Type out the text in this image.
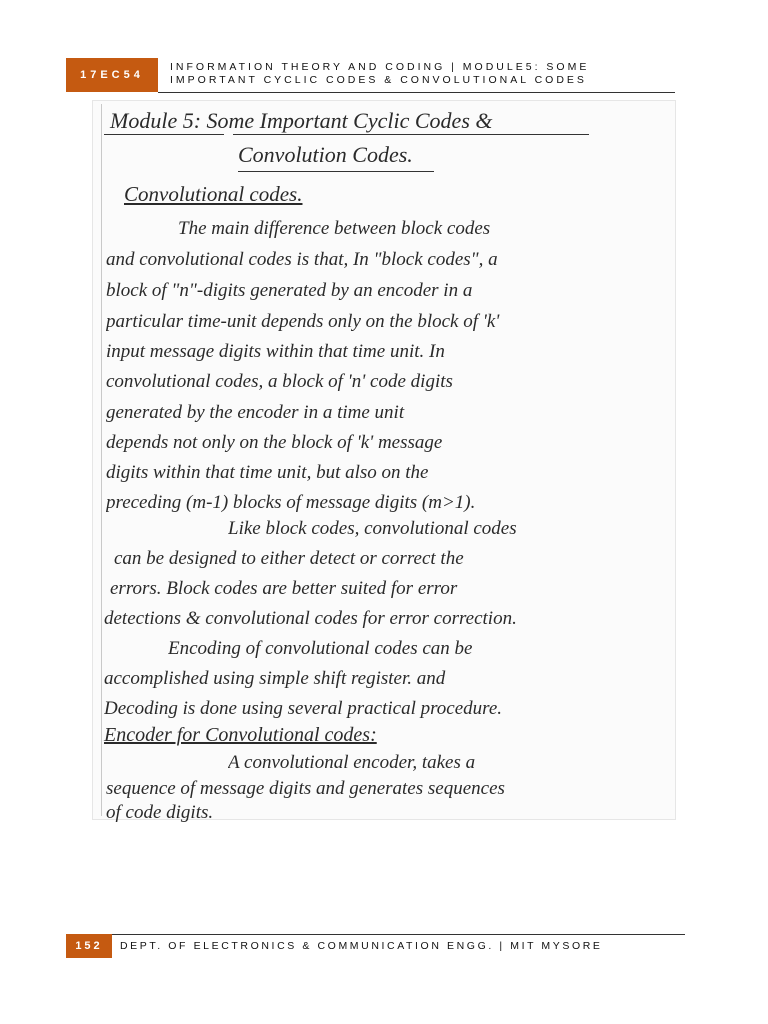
17EC54
INFORMATION THEORY AND CODING | MODULE5: SOME
IMPORTANT CYCLIC CODES & CONVOLUTIONAL CODES
Module 5: Some Important Cyclic Codes &
Convolution Codes.
Convolutional codes.
The main difference between block codes
and convolutional codes is that, In "block codes", a
block of "n"-digits generated by an encoder in a
particular time-unit depends only on the block of 'k'
input message digits within that time unit. In
convolutional codes, a block of 'n' code digits
generated by the encoder in a time unit
depends not only on the block of 'k' message
digits within that time unit, but also on the
preceding (m-1) blocks of message digits (m>1).
Like block codes, convolutional codes
can be designed to either detect or correct the
errors. Block codes are better suited for error
detections & convolutional codes for error correction.
Encoding of convolutional codes can be
accomplished using simple shift register. and
Decoding is done using several practical procedure.
Encoder for Convolutional codes:
A convolutional encoder, takes a
sequence of message digits and generates sequences
of code digits.
152	DEPT. OF ELECTRONICS & COMMUNICATION ENGG. | MIT MYSORE
